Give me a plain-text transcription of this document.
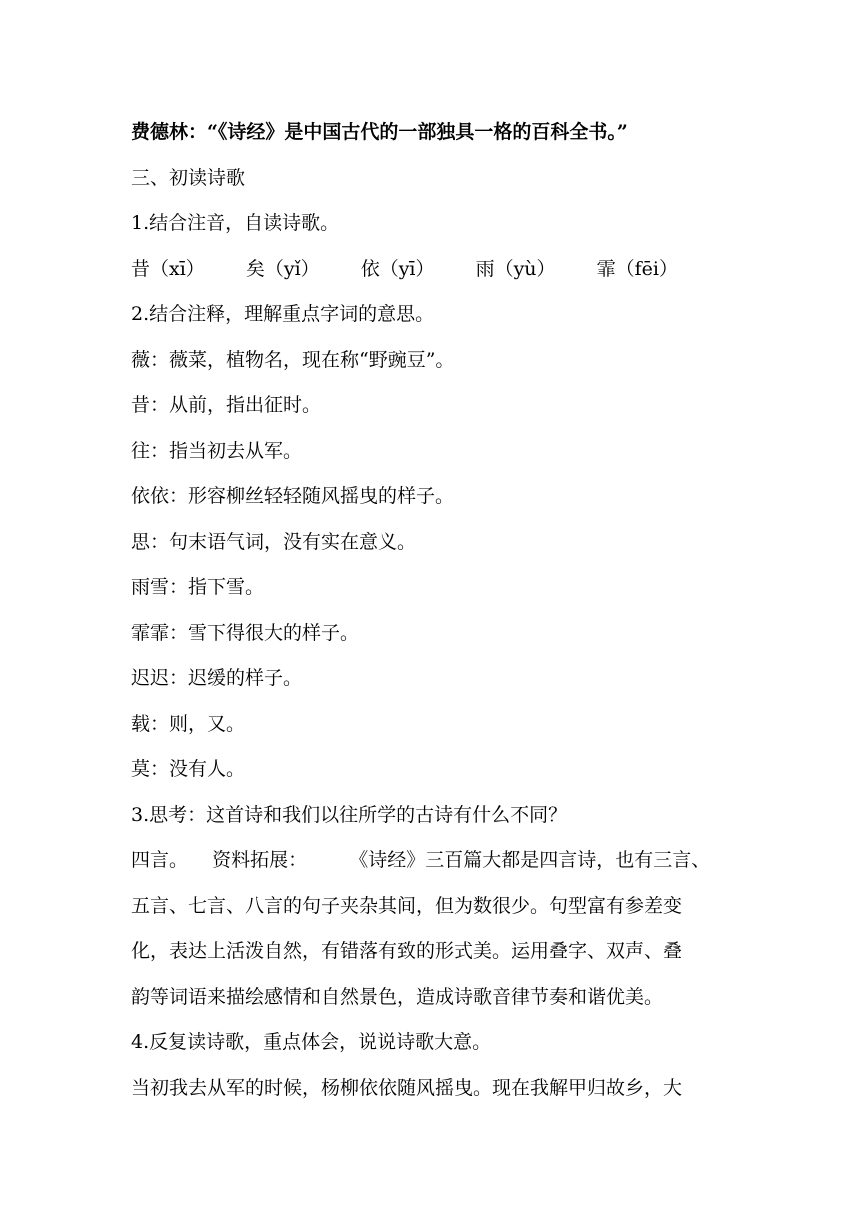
费德林：“《诗经》是中国古代的一部独具一格的百科全书。”

三、初读诗歌

1.结合注音，自读诗歌。

昔（xī） 矣（yǐ） 依（yī） 雨（yù） 霏（fēi）

2.结合注释，理解重点字词的意思。

薇：薇菜，植物名，现在称“野豌豆”。

昔：从前，指出征时。

往：指当初去从军。

依依：形容柳丝轻轻随风摇曳的样子。

思：句末语气词，没有实在意义。

雨雪：指下雪。

霏霏：雪下得很大的样子。

迟迟：迟缓的样子。

载：则，又。

莫：没有人。

3.思考：这首诗和我们以往所学的古诗有什么不同？

四言。 资料拓展： 《诗经》三百篇大都是四言诗，也有三言、

五言、七言、八言的句子夹杂其间，但为数很少。句型富有参差变

化，表达上活泼自然，有错落有致的形式美。运用叠字、双声、叠

韵等词语来描绘感情和自然景色，造成诗歌音律节奏和谐优美。

4.反复读诗歌，重点体会，说说诗歌大意。

当初我去从军的时候，杨柳依依随风摇曳。现在我解甲归故乡，大
